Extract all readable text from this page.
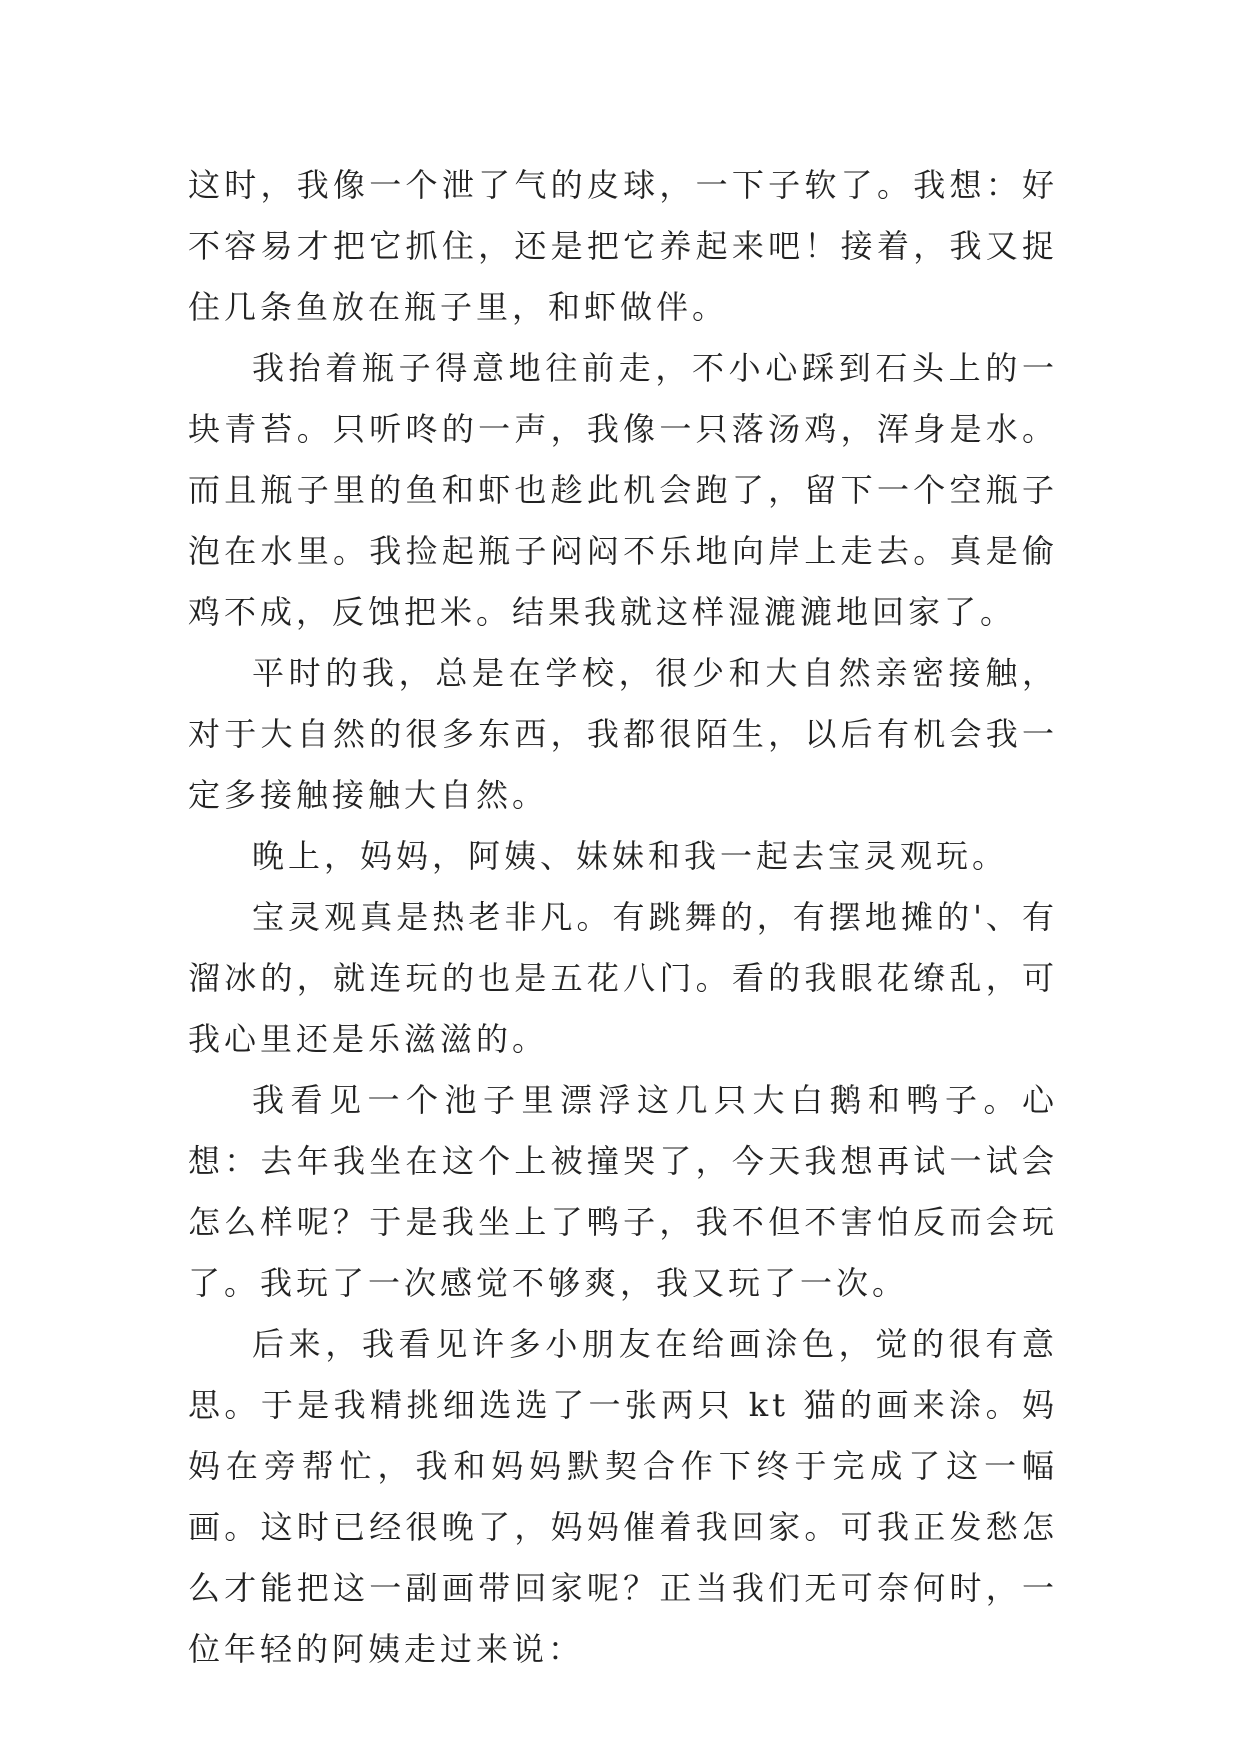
这时，我像一个泄了气的皮球，一下子软了。我想：好不容易才把它抓住，还是把它养起来吧！接着，我又捉住几条鱼放在瓶子里，和虾做伴。

我抬着瓶子得意地往前走，不小心踩到石头上的一块青苔。只听咚的一声，我像一只落汤鸡，浑身是水。而且瓶子里的鱼和虾也趁此机会跑了，留下一个空瓶子泡在水里。我捡起瓶子闷闷不乐地向岸上走去。真是偷鸡不成，反蚀把米。结果我就这样湿漉漉地回家了。

平时的我，总是在学校，很少和大自然亲密接触，对于大自然的很多东西，我都很陌生，以后有机会我一定多接触接触大自然。

晚上，妈妈，阿姨、妹妹和我一起去宝灵观玩。

宝灵观真是热老非凡。有跳舞的，有摆地摊的'、有溜冰的，就连玩的也是五花八门。看的我眼花缭乱，可我心里还是乐滋滋的。

我看见一个池子里漂浮这几只大白鹅和鸭子。心想：去年我坐在这个上被撞哭了，今天我想再试一试会怎么样呢？于是我坐上了鸭子，我不但不害怕反而会玩了。我玩了一次感觉不够爽，我又玩了一次。

后来，我看见许多小朋友在给画涂色，觉的很有意思。于是我精挑细选选了一张两只 kt 猫的画来涂。妈妈在旁帮忙，我和妈妈默契合作下终于完成了这一幅画。这时已经很晚了，妈妈催着我回家。可我正发愁怎么才能把这一副画带回家呢？正当我们无可奈何时，一位年轻的阿姨走过来说：
